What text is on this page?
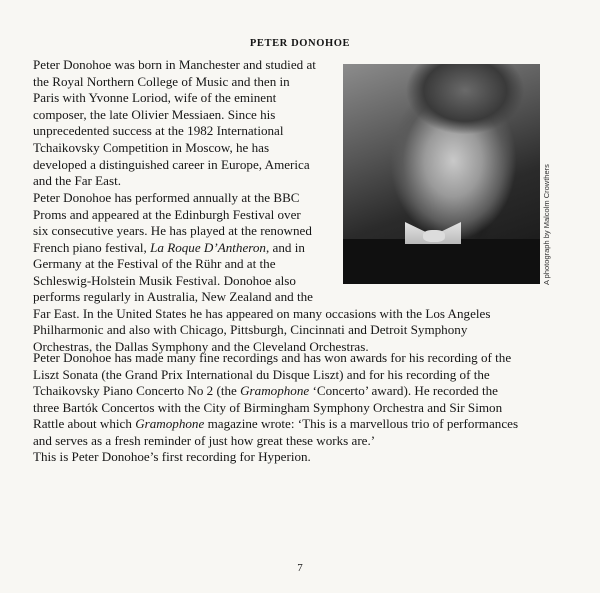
PETER DONOHOE
A photograph by Malcolm Crowthers

Peter Donohoe was born in Manchester and studied at
the Royal Northern College of Music and then in
Paris with Yvonne Loriod, wife of the eminent
composer, the late Olivier Messiaen. Since his
unprecedented success at the 1982 International
Tchaikovsky Competition in Moscow, he has
developed a distinguished career in Europe, America
and the Far East.

Peter Donohoe has performed annually at the BBC
Proms and appeared at the Edinburgh Festival over
six consecutive years. He has played at the renowned
French piano festival, La Roque D’Antheron, and in
Germany at the Festival of the Rühr and at the
Schleswig-Holstein Musik Festival. Donohoe also

performs regularly in Australia, New Zealand and the
Far East. In the United States he has appeared on many occasions with the Los Angeles
Philharmonic and also with Chicago, Pittsburgh, Cincinnati and Detroit Symphony
Orchestras, the Dallas Symphony and the Cleveland Orchestras.

Peter Donohoe has made many fine recordings and has won awards for his recording of the
Liszt Sonata (the Grand Prix International du Disque Liszt) and for his recording of the
Tchaikovsky Piano Concerto No 2 (the Gramophone ‘Concerto’ award). He recorded the
three Bartók Concertos with the City of Birmingham Symphony Orchestra and Sir Simon
Rattle about which Gramophone magazine wrote: ‘This is a marvellous trio of performances
and serves as a fresh reminder of just how great these works are.’

This is Peter Donohoe’s first recording for Hyperion.

7
